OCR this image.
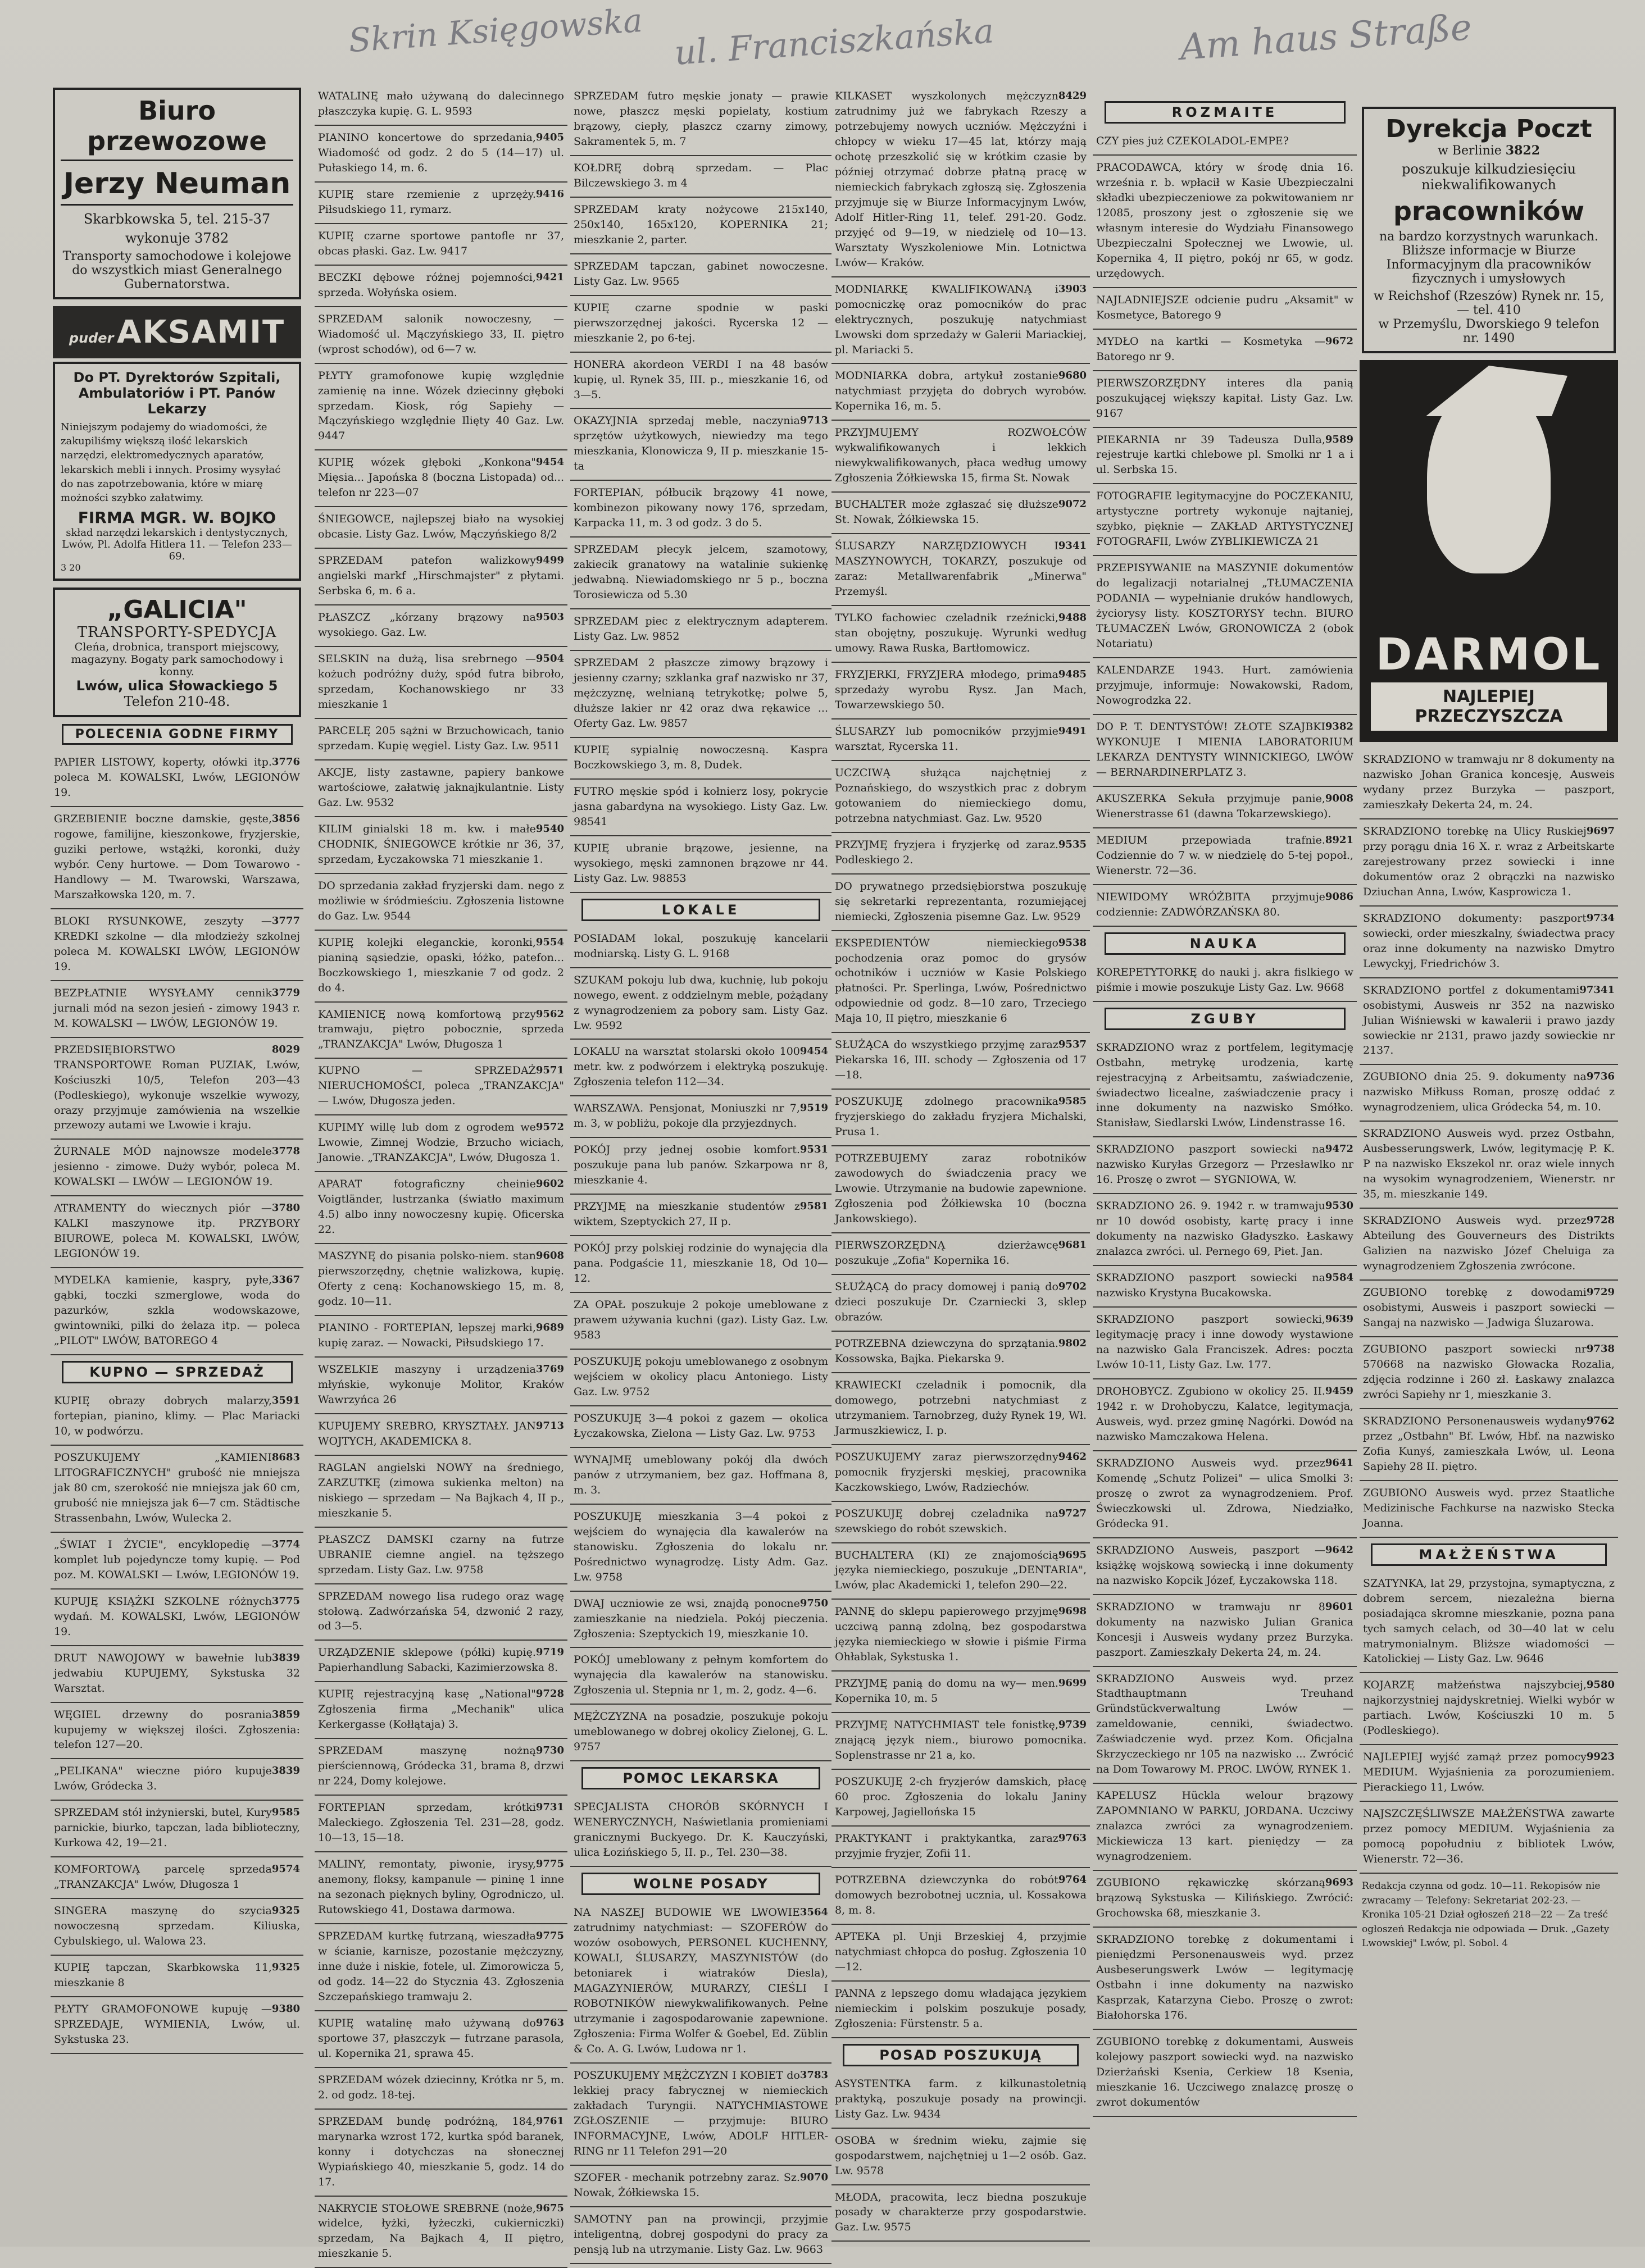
Skrin Księgowska ul. Franciszkańska	Am haus Straße
Biuro przewozowe
Jerzy Neuman
Skarbkowska 5, tel. 215-37
wykonuje 3782
Transporty samochodowe i kolejowe do wszystkich miast Generalnego Gubernatorstwa.
puder AKSAMIT
Do PT. Dyrektorów Szpitali, Ambulatoriów i PT. Panów Lekarzy
Niniejszym podajemy do wiadomości, że zakupiliśmy większą ilość lekarskich narzędzi, elektromedycznych aparatów, lekarskich mebli i innych. Prosimy wysyłać do nas zapotrzebowania, które w miarę możności szybko załatwimy.
FIRMA MGR. W. BOJKO
skład narzędzi lekarskich i dentystycznych, Lwów, Pl. Adolfa Hitlera 11. — Telefon 233—69.
3 20
„GALICIA"
TRANSPORTY-SPEDYCJA
Cleńa, drobnica, transport miejscowy, magazyny. Bogaty park samochodowy i konny.
Lwów, ulica Słowackiego 5
Telefon 210-48.
POLECENIA GODNE FIRMY
3776
PAPIER LISTOWY, koperty, ołówki itp. poleca M. KOWALSKI, Lwów, LEGIONÓW 19.
3856
GRZEBIENIE boczne damskie, gęste, rogowe, familijne, kieszonkowe, fryzjerskie, guziki perłowe, wstążki, koronki, duży wybór. Ceny hurtowe. — Dom Towarowo - Handlowy — M. Twarowski, Warszawa, Marszałkowska 120, m. 7.
3777
BLOKI RYSUNKOWE, zeszyty — KREDKI szkolne — dla młodzieży szkolnej poleca M. KOWALSKI LWÓW, LEGIONÓW 19.
3779
BEZPŁATNIE WYSYŁAMY cennik jurnali mód na sezon jesień - zimowy 1943 r. M. KOWALSKI — LWÓW, LEGIONÓW 19.
8029
PRZEDSIĘBIORSTWO TRANSPORTOWE Roman PUZIAK, Lwów, Kościuszki 10/5, Telefon 203—43 (Podleskiego), wykonuje wszelkie wywozy, orazy przyjmuje zamówienia na wszelkie przewozy autami we Lwowie i kraju.
3778
ŻURNALE MÓD najnowsze modele jesienno - zimowe. Duży wybór, poleca M. KOWALSKI — LWÓW — LEGIONÓW 19.
3780
ATRAMENTY do wiecznych piór — KALKI maszynowe itp. PRZYBORY BIUROWE, poleca M. KOWALSKI, LWÓW, LEGIONÓW 19.
3367
MYDELKA kamienie, kaspry, pyłe, gąbki, toczki szmerglowe, woda do pazurków, szkla wodowskazowe, gwintowniki, pilki do żelaza itp. — poleca „PILOT" LWÓW, BATOREGO 4
KUPNO — SPRZEDAŻ
3591
KUPIĘ obrazy dobrych malarzy, fortepian, pianino, klimy. — Plac Mariacki 10, w podwórzu.
8683
POSZUKUJEMY „KAMIENI LITOGRAFICZNYCH" grubość nie mniejsza jak 80 cm, szerokość nie mniejsza jak 60 cm, grubość nie mniejsza jak 6—7 cm. Städtische Strassenbahn, Lwów, Wulecka 2.
3774
„ŚWIAT I ŻYCIE", encyklopedię — komplet lub pojedyncze tomy kupię. — Pod poz. M. KOWALSKI — Lwów, LEGIONÓW 19.
3775
KUPUJĘ KSIĄŻKI SZKOLNE różnych wydań. M. KOWALSKI, Lwów, LEGIONÓW 19.
3839
DRUT NAWOJOWY w bawełnie lub jedwabiu KUPUJEMY, Sykstuska 32 Warsztat.
3859
WĘGIEL drzewny do posrania kupujemy w większej ilości. Zgłoszenia: telefon 127—20.
3839
„PELIKANA" wieczne pióro kupuje Lwów, Gródecka 3.
9585
SPRZEDAM stół inżynierski, butel, Kury parnickie, biurko, tapczan, lada biblioteczny, Kurkowa 42, 19—21.
9574
KOMFORTOWĄ parcelę sprzeda „TRANZAKCJA" Lwów, Długosza 1
9325
SINGERA maszynę do szycia nowoczesną sprzedam. Kiliuska, Cybulskiego, ul. Walowa 23.
9325
KUPIĘ tapczan, Skarbkowska 11, mieszkanie 8
9380
PŁYTY GRAMOFONOWE kupuję — SPRZEDAJE, WYMIENIA, Lwów, ul. Sykstuska 23.
WATALINĘ mało używaną do dalecinnego płaszczyka kupię. G. L. 9593
9405
PIANINO koncertowe do sprzedania, Wiadomość od godz. 2 do 5 (14—17) ul. Pułaskiego 14, m. 6.
9416
KUPIĘ stare rzemienie z uprzęży. Piłsudskiego 11, rymarz.
KUPIĘ czarne sportowe pantofle nr 37, obcas płaski. Gaz. Lw. 9417
9421
BECZKI dębowe różnej pojemności, sprzeda. Wołyńska osiem.
SPRZEDAM salonik nowoczesny, — Wiadomość ul. Mączyńskiego 33, II. piętro (wprost schodów), od 6—7 w.
PŁYTY gramofonowe kupię względnie zamienię na inne. Wózek dziecinny głęboki sprzedam. Kiosk, róg Sapiehy — Mączyńskiego względnie Ilięty 40 Gaz. Lw. 9447
9454
KUPIĘ wózek głęboki „Konkona" Mięsia... Japońska 8 (boczna Listopada) od... telefon nr 223—07
ŚNIEGOWCE, najlepszej biało na wysokiej obcasie. Listy Gaz. Lwów, Mączyńskiego 8/2
9499
SPRZEDAM patefon walizkowy angielski markf „Hirschmajster" z płytami. Serbska 6, m. 6 a.
9503
PŁASZCZ „kórzany brązowy na wysokiego. Gaz. Lw.
9504
SELSKIN na dużą, lisa srebrnego — kożuch podróżny duży, spód futra bibroło, sprzedam, Kochanowskiego nr 33 mieszkanie 1
PARCELĘ 205 sążni w Brzuchowicach, tanio sprzedam. Kupię węgiel. Listy Gaz. Lw. 9511
AKCJE, listy zastawne, papiery bankowe wartościowe, załatwię jaknajkulantnie. Listy Gaz. Lw. 9532
9540
KILIM ginialski 18 m. kw. i małe CHODNIK, ŚNIEGOWCE krótkie nr 36, 37, sprzedam, Łyczakowska 71 mieszkanie 1.
DO sprzedania zakład fryzjerski dam. nego z możliwie w śródmieściu. Zgłoszenia listowne do Gaz. Lw. 9544
9554
KUPIĘ kolejki eleganckie, koronki, pianiną sąsiedzie, opaski, łóżko, patefon... Boczkowskiego 1, mieszkanie 7 od godz. 2 do 4.
9562
KAMIENICĘ nową komfortową przy tramwaju, piętro pobocznie, sprzeda „TRANZAKCJA" Lwów, Długosza 1
9571
KUPNO — SPRZEDAŻ NIERUCHOMOŚCI, poleca „TRANZAKCJA" — Lwów, Długosza jeden.
9572
KUPIMY willę lub dom z ogrodem we Lwowie, Zimnej Wodzie, Brzucho wiciach, Janowie. „TRANZAKCJA", Lwów, Długosza 1.
9602
APARAT fotograficzny cheinie Voigtländer, lustrzanka (światło maximum 4.5) albo inny nowoczesny kupię. Oficerska 22.
9608
MASZYNĘ do pisania polsko-niem. stan pierwszorzędny, chętnie walizkowa, kupię. Oferty z ceną: Kochanowskiego 15, m. 8, godz. 10—11.
9689
PIANINO - FORTEPIAN, lepszej marki, kupię zaraz. — Nowacki, Piłsudskiego 17.
3769
WSZELKIE maszyny i urządzenia młyńskie, wykonuje Molitor, Kraków Wawrzyńca 26
9713
KUPUJEMY SREBRO, KRYSZTAŁY. JAN WOJTYCH, AKADEMICKA 8.
RAGLAN angielski NOWY na średniego, ZARZUTKĘ (zimowa sukienka melton) na niskiego — sprzedam — Na Bajkach 4, II p., mieszkanie 5.
PŁASZCZ DAMSKI czarny na futrze UBRANIE ciemne angiel. na tęższego sprzedam. Listy Gaz. Lw. 9758
SPRZEDAM nowego lisa rudego oraz wagę stołową. Zadwórzańska 54, dzwonić 2 razy, od 3—5.
9719
URZĄDZENIE sklepowe (półki) kupię. Papierhandlung Sabacki, Kazimierzowska 8.
9728
KUPIĘ rejestracyjną kasę „National" Zgłoszenia firma „Mechanik" ulica Kerkergasse (Kołłątaja) 3.
9730
SPRZEDAM maszynę nożną pierściennową, Gródecka 31, brama 8, drzwi nr 224, Domy kolejowe.
9731
FORTEPIAN sprzedam, krótki Maleckiego. Zgłoszenia Tel. 231—28, godz. 10—13, 15—18.
9775
MALINY, remontaty, piwonie, irysy, anemony, floksy, kampanule — pininę 1 inne na sezonach pięknych byliny, Ogrodniczo, ul. Rutowskiego 41, Dostawa darmowa.
9775
SPRZEDAM kurtkę futrzaną, wieszadła w ścianie, karnisze, pozostanie mężczyzny, inne duże i niskie, fotele, ul. Zimorowicza 5, od godz. 14—22 do Stycznia 43. Zgłoszenia Szczepańskiego tramwaju 2.
9763
KUPIĘ watalinę mało używaną do sportowe 37, płaszczyk — futrzane parasola, ul. Kopernika 21, sprawa 45.
SPRZEDAM wózek dziecinny, Krótka nr 5, m. 2. od godz. 18-tej.
9761
SPRZEDAM bundę podróżną, 184, marynarka wzrost 172, kurtka spód baranek, konny i dotychczas na słonecznej Wypiańskiego 40, mieszkanie 5, godz. 14 do 17.
9675
NAKRYCIE STOŁOWE SREBRNE (noże, widelce, łyżki, łyżeczki, cukierniczki) sprzedam, Na Bajkach 4, II piętro, mieszkanie 5.
SPRZEDAM futro męskie jonaty — prawie nowe, płaszcz męski popielaty, kostium brązowy, ciepły, płaszcz czarny zimowy, Sakramentek 5, m. 7
KOŁDRĘ dobrą sprzedam. — Plac Bilczewskiego 3. m 4
SPRZEDAM kraty nożycowe 215x140, 250x140, 165x120, KOPERNIKA 21; mieszkanie 2, parter.
SPRZEDAM tapczan, gabinet nowoczesne. Listy Gaz. Lw. 9565
KUPIĘ czarne spodnie w paski pierwszorzędnej jakości. Rycerska 12 — mieszkanie 2, po 6-tej.
HONERA akordeon VERDI I na 48 basów kupię, ul. Rynek 35, III. p., mieszkanie 16, od 3—5.
9713
OKAZYJNIA sprzedaj meble, naczynia sprzętów użytkowych, niewiedzy ma tego mieszkania, Klonowicza 9, II p. mieszkanie 15-ta
FORTEPIAN, półbucik brązowy 41 nowe, kombinezon pikowany nowy 176, sprzedam, Karpacka 11, m. 3 od godz. 3 do 5.
SPRZEDAM płecyk jelcem, szamotowy, zakiecik granatowy na watalinie sukienkę jedwabną. Niewiadomskiego nr 5 p., boczna Torosiewicza od 5.30
SPRZEDAM piec z elektrycznym adapterem. Listy Gaz. Lw. 9852
SPRZEDAM 2 płaszcze zimowy brązowy i jesienny czarny; szklanka graf nazwisko nr 37, mężczyznę, welnianą tetrykotkę; polwe 5, dłuższe lakier nr 42 oraz dwa rękawice ... Oferty Gaz. Lw. 9857
KUPIĘ sypialnię nowoczesną. Kaspra Boczkowskiego 3, m. 8, Dudek.
FUTRO męskie spód i kołnierz losy, pokrycie jasna gabardyna na wysokiego. Listy Gaz. Lw. 98541
KUPIĘ ubranie brązowe, jesienne, na wysokiego, męski zamnonen brązowe nr 44. Listy Gaz. Lw. 98853
LOKALE
POSIADAM lokal, poszukuję kancelarii modniarską. Listy G. L. 9168
SZUKAM pokoju lub dwa, kuchnię, lub pokoju nowego, ewent. z oddzielnym meble, pożądany z wynagrodzeniem za pobory sam. Listy Gaz. Lw. 9592
9454
LOKALU na warsztat stolarski około 100 metr. kw. z podwórzem i elektryką poszukuję. Zgłoszenia telefon 112—34.
9519
WARSZAWA. Pensjonat, Moniuszki nr 7, m. 3, w pobliżu, pokoje dla przyjezdnych.
9531
POKÓJ przy jednej osobie komfort. poszukuje pana lub panów. Szkarpowa nr 8, mieszkanie 4.
9581
PRZYJMĘ na mieszkanie studentów z wiktem, Szeptyckich 27, II p.
POKÓJ przy polskiej rodzinie do wynajęcia dla pana. Podgaście 11, mieszkanie 18, Od 10—12.
ZA OPAŁ poszukuje 2 pokoje umeblowane z prawem używania kuchni (gaz). Listy Gaz. Lw. 9583
POSZUKUJĘ pokoju umeblowanego z osobnym wejściem w okolicy placu Antoniego. Listy Gaz. Lw. 9752
POSZUKUJĘ 3—4 pokoi z gazem — okolica Łyczakowska, Zielona — Listy Gaz. Lw. 9753
WYNAJMĘ umeblowany pokój dla dwóch panów z utrzymaniem, bez gaz. Hoffmana 8, m. 3.
POSZUKUJĘ mieszkania 3—4 pokoi z wejściem do wynajęcia dla kawalerów na stanowisku. Zgłoszenia do lokalu nr. Pośrednictwo wynagrodzę. Listy Adm. Gaz. Lw. 9758
9750
DWAJ uczniowie ze wsi, znajdą ponocne zamieszkanie na niedziela. Pokój pieczenia. Zgłoszenia: Szeptyckich 19, mieszkanie 10.
POKÓJ umeblowany z pełnym komfortem do wynajęcia dla kawalerów na stanowisku. Zgłoszenia ul. Stepnia nr 1, m. 2, godz. 4—6.
MĘŻCZYZNA na posadzie, poszukuje pokoju umeblowanego w dobrej okolicy Zielonej, G. L. 9757
POMOC LEKARSKA
SPECJALISTA CHORÓB SKÓRNYCH I WENERYCZNYCH, Naświetlania promieniami granicznymi Buckyego. Dr. K. Kauczyński, ulica Łozińskiego 5, II. p., Tel. 230—38.
WOLNE POSADY
3564
NA NASZEJ BUDOWIE WE LWOWIE zatrudnimy natychmiast: — SZOFERÓW do wozów osobowych, PERSONEL KUCHENNY, KOWALI, ŚLUSARZY, MASZYNISTÓW (do betoniarek i wiatraków Diesla), MAGAZYNIERÓW, MURARZY, CIEŚLI I ROBOTNIKÓW niewykwalifikowanych. Pełne utrzymanie i zagospodarowanie zapewnione. Zgłoszenia: Firma Wolfer & Goebel, Ed. Züblin & Co. A. G. Lwów, Ludowa nr 1.
3783
POSZUKUJEMY MĘŻCZYZN I KOBIET do lekkiej pracy fabrycznej w niemieckich zakładach Turyngii. NATYCHMIASTOWE ZGŁOSZENIE — przyjmuje: BIURO INFORMACYJNE, Lwów, ADOLF HITLER-RING nr 11 Telefon 291—20
9070
SZOFER - mechanik potrzebny zaraz. Sz. Nowak, Żółkiewska 15.
SAMOTNY pan na prowincji, przyjmie inteligentną, dobrej gospodyni do pracy za pensją lub na utrzymanie. Listy Gaz. Lw. 9663
8429
KILKASET wyszkolonych mężczyzn zatrudnimy już we fabrykach Rzeszy a potrzebujemy nowych uczniów. Mężczyźni i chłopcy w wieku 17—45 lat, którzy mają ochotę przeszkolić się w krótkim czasie by później otrzymać dobrze płatną pracę w niemieckich fabrykach zgłoszą się. Zgłoszenia przyjmuje się w Biurze Informacyjnym Lwów, Adolf Hitler-Ring 11, telef. 291-20. Godz. przyjęć od 9—19, w niedzielę od 10—13. Warsztaty Wyszkoleniowe Min. Lotnictwa Lwów— Kraków.
3903
MODNIARKĘ KWALIFIKOWANĄ i pomocniczkę oraz pomocników do prac elektrycznych, poszukuję natychmiast Lwowski dom sprzedaży w Galerii Mariackiej, pl. Mariacki 5.
9680
MODNIARKA dobra, artykuł zostanie natychmiast przyjęta do dobrych wyrobów. Kopernika 16, m. 5.
PRZYJMUJEMY ROZWOŁCÓW wykwalifikowanych i lekkich niewykwalifikowanych, płaca według umowy Zgłoszenia Żółkiewska 15, firma St. Nowak
9072
BUCHALTER może zgłaszać się dłuższe St. Nowak, Żółkiewska 15.
9341
ŚLUSARZY NARZĘDZIOWYCH I MASZYNOWYCH, TOKARZY, poszukuje od zaraz: Metallwarenfabrik „Minerwa" Przemyśl.
9488
TYLKO fachowiec czeladnik rzeźnicki, stan obojętny, poszukuję. Wyrunki według umowy. Rawa Ruska, Bartłomowicz.
9485
FRYZJERKI, FRYZJERA młodego, prima sprzedaży wyrobu Rysz. Jan Mach, Towarzewskiego 50.
9491
ŚLUSARZY lub pomocników przyjmie warsztat, Rycerska 11.
UCZCIWĄ służąca najchętniej z Poznańskiego, do wszystkich prac z dobrym gotowaniem do niemieckiego domu, potrzebna natychmiast. Gaz. Lw. 9520
9535
PRZYJMĘ fryzjera i fryzjerkę od zaraz. Podleskiego 2.
DO prywatnego przedsiębiorstwa poszukuję się sekretarki reprezentanta, rozumiejącej niemiecki, Zgłoszenia pisemne Gaz. Lw. 9529
9538
EKSPEDIENTÓW niemieckiego pochodzenia oraz pomoc do grysów ochotników i uczniów w Kasie Polskiego płatności. Pr. Sperlinga, Lwów, Pośrednictwo odpowiednie od godz. 8—10 zaro, Trzeciego Maja 10, II piętro, mieszkanie 6
9537
SŁUŻĄCA do wszystkiego przyjmę zaraz Piekarska 16, III. schody — Zgłoszenia od 17—18.
9585
POSZUKUJĘ zdolnego pracownika fryzjerskiego do zakładu fryzjera Michalski, Prusa 1.
POTRZEBUJEMY zaraz robotników zawodowych do świadczenia pracy we Lwowie. Utrzymanie na budowie zapewnione. Zgłoszenia pod Żółkiewska 10 (boczna Jankowskiego).
9681
PIERWSZORZĘDNĄ dzierżawcę poszukuje „Zofia" Kopernika 16.
9702
SŁUŻĄCĄ do pracy domowej i panią do dzieci poszukuje Dr. Czarniecki 3, sklep obrazów.
9802
POTRZEBNA dziewczyna do sprzątania. Kossowska, Bajka. Piekarska 9.
KRAWIECKI czeladnik i pomocnik, dla domowego, potrzebni natychmiast z utrzymaniem. Tarnobrzeg, duży Rynek 19, Wł. Jarmuszkiewicz, I. p.
9462
POSZUKUJEMY zaraz pierwszorzędny pomocnik fryzjerski męskiej, pracownika Kaczkowskiego, Lwów, Radziechów.
9727
POSZUKUJĘ dobrej czeladnika na szewskiego do robót szewskich.
9695
BUCHALTERA (KI) ze znajomością języka niemieckiego, poszukuje „DENTARIA", Lwów, plac Akademicki 1, telefon 290—22.
9698
PANNĘ do sklepu papierowego przyjmę uczciwą panną zdolną, bez gospodarstwa języka niemieckiego w słowie i piśmie Firma Ohłablak, Sykstuska 1.
9699
PRZYJMĘ panią do domu na wy— men. Kopernika 10, m. 5
9739
PRZYJMĘ NATYCHMIAST tele fonistkę, znającą język niem., biurowo pomocnika. Soplenstrasse nr 21 a, ko.
POSZUKUJĘ 2-ch fryzjerów damskich, płacę 60 proc. Zgłoszenia do lokalu Janiny Karpowej, Jagiellońska 15
9763
PRAKTYKANT i praktykantka, zaraz przyjmie fryzjer, Zofii 11.
9764
POTRZEBNA dziewczynka do robót domowych bezrobotnej ucznia, ul. Kossakowa 8, m. 8.
APTEKA pl. Unji Brzeskiej 4, przyjmie natychmiast chłopca do posług. Zgłoszenia 10—12.
PANNA z lepszego domu władająca językiem niemieckim i polskim poszukuje posady, Zgłoszenia: Fürstenstr. 5 a.
POSAD POSZUKUJĄ
ASYSTENTKA farm. z kilkunastoletnią praktyką, poszukuje posady na prowincji. Listy Gaz. Lw. 9434
OSOBA w średnim wieku, zajmie się gospodarstwem, najchętniej u 1—2 osób. Gaz. Lw. 9578
MŁODA, pracowita, lecz biedna poszukuje posady w charakterze przy gospodarstwie. Gaz. Lw. 9575
ROZMAITE
CZY pies już CZEKOLADOL-EMPE?
PRACODAWCA, który w środę dnia 16. września r. b. wpłacił w Kasie Ubezpieczalni składki ubezpieczeniowe za pokwitowaniem nr 12085, proszony jest o zgłoszenie się we własnym interesie do Wydziału Finansowego Ubezpieczalni Społecznej we Lwowie, ul. Kopernika 4, II piętro, pokój nr 65, w godz. urzędowych.
NAJLADNIEJSZE odcienie pudru „Aksamit" w Kosmetyce, Batorego 9
9672
MYDŁO na kartki — Kosmetyka — Batorego nr 9.
PIERWSZORZĘDNY interes dla panią poszukującej większy kapitał. Listy Gaz. Lw. 9167
9589
PIEKARNIA nr 39 Tadeusza Dulla, rejestruje kartki chlebowe pl. Smolki nr 1 a i ul. Serbska 15.
FOTOGRAFIE legitymacyjne do POCZEKANIU, artystyczne portrety wykonuje najtaniej, szybko, pięknie — ZAKŁAD ARTYSTYCZNEJ FOTOGRAFII, Lwów ZYBLIKIEWICZA 21
PRZEPISYWANIE na MASZYNIE dokumentów do legalizacji notarialnej „TŁUMACZENIA PODANIA — wypełnianie druków handlowych, życiorysy listy. KOSZTORYSY techn. BIURO TŁUMACZEŃ Lwów, GRONOWICZA 2 (obok Notariatu)
KALENDARZE 1943. Hurt. zamówienia przyjmuje, informuje: Nowakowski, Radom, Nowogrodzka 22.
9382
DO P. T. DENTYSTÓW! ZŁOTE SZAJBKI WYKONUJE I MIENIA LABORATORIUM LEKARZA DENTYSTY WINNICKIEGO, LWÓW — BERNARDINERPLATZ 3.
9008
AKUSZERKA Sekuła przyjmuje panie, Wienerstrasse 61 (dawna Tokarzewskiego).
8921
MEDIUM przepowiada trafnie. Codziennie do 7 w. w niedzielę do 5-tej popoł., Wienerstr. 72—36.
9086
NIEWIDOMY WRÓŻBITA przyjmuje codziennie: ZADWÓRZAŃSKA 80.
NAUKA
KOREPETYTORKĘ do nauki j. akra fislkiego w piśmie i mowie poszukuje Listy Gaz. Lw. 9668
ZGUBY
SKRADZIONO wraz z portfelem, legitymację Ostbahn, metrykę urodzenia, kartę rejestracyjną z Arbeitsamtu, zaświadczenie, świadectwo licealne, zaświadczenie pracy i inne dokumenty na nazwisko Smółko. Stanisław, Siedlarski Lwów, Lindenstrasse 16.
9472
SKRADZIONO paszport sowiecki na nazwisko Kuryłas Grzegorz — Przesławlko nr 16. Proszę o zwrot — SYGNIOWA, W.
9530
SKRADZIONO 26. 9. 1942 r. w tramwaju nr 10 dowód osobisty, kartę pracy i inne dokumenty na nazwisko Gładyszko. Łaskawy znalazca zwróci. ul. Pernego 69, Piet. Jan.
9584
SKRADZIONO paszport sowiecki na nazwisko Krystyna Bucakowska.
9639
SKRADZIONO paszport sowiecki, legitymację pracy i inne dowody wystawione na nazwisko Gala Franciszek. Adres: poczta Lwów 10-11, Listy Gaz. Lw. 177.
9459
DROHOBYCZ. Zgubiono w okolicy 25. II. 1942 r. w Drohobyczu, Kalatce, legitymacja, Ausweis, wyd. przez gminę Nagórki. Dowód na nazwisko Mamczakowa Helena.
9641
SKRADZIONO Ausweis wyd. przez Komendę „Schutz Polizei" — ulica Smolki 3: proszę o zwrot za wynagrodzeniem. Prof. Świeczkowski ul. Zdrowa, Niedziałko, Gródecka 91.
9642
SKRADZIONO Ausweis, paszport — książkę wojskową sowiecką i inne dokumenty na nazwisko Kopcik Józef, Łyczakowska 118.
9601
SKRADZIONO w tramwaju nr 8 dokumenty na nazwisko Julian Granica Koncesji i Ausweis wydany przez Burzyka. paszport. Zamieszkały Dekerta 24, m. 24.
SKRADZIONO Ausweis wyd. przez Stadthauptmann Treuhand Gründstückverwaltung Lwów — zameldowanie, cenniki, świadectwo. Zaświadczenie wyd. przez Kom. Oficjalna Skrzyczeckiego nr 105 na nazwisko ... Zwrócić na Dom Towarowy M. PROC. LWÓW, RYNEK 1.
KAPELUSZ Hückla welour brązowy ZAPOMNIANO W PARKU, JORDANA. Uczciwy znalazca zwróci za wynagrodzeniem. Mickiewicza 13 kart. pieniędzy — za wynagrodzeniem.
9693
ZGUBIONO rękawiczkę skórzaną brązową Sykstuska — Kilińskiego. Zwrócić: Grochowska 68, mieszkanie 3.
SKRADZIONO torebkę z dokumentami i pieniędzmi Personenausweis wyd. przez Ausbeserungswerk Lwów — legitymację Ostbahn i inne dokumenty na nazwisko Kasprzak, Katarzyna Ciebo. Proszę o zwrot: Białohorska 176.
ZGUBIONO torebkę z dokumentami, Ausweis kolejowy paszport sowiecki wyd. na nazwisko Dzierżański Ksenia, Cerkiew 18 Ksenia, mieszkanie 16. Uczciwego znalazcę proszę o zwrot dokumentów
Dyrekcja Poczt
w Berlinie 3822
poszukuje kilkudziesięciu niekwalifikowanych
pracowników
na bardzo korzystnych warunkach. Bliższe informacje w Biurze Informacyjnym dla pracowników fizycznych i umysłowych
w Reichshof (Rzeszów) Rynek nr. 15, — tel. 410
w Przemyślu, Dworskiego 9 telefon nr. 1490
DARMOL
NAJLEPIEJ PRZECZYSZCZA
SKRADZIONO w tramwaju nr 8 dokumenty na nazwisko Johan Granica koncesję, Ausweis wydany przez Burzyka — paszport, zamieszkały Dekerta 24, m. 24.
9697
SKRADZIONO torebkę na Ulicy Ruskiej przy porągu dnia 16 X. r. wraz z Arbeitskarte zarejestrowany przez sowiecki i inne dokumentów oraz 2 obrączki na nazwisko Dziuchan Anna, Lwów, Kasprowicza 1.
9734
SKRADZIONO dokumenty: paszport sowiecki, order mieszkalny, świadectwa pracy oraz inne dokumenty na nazwisko Dmytro Lewyckyj, Friedrichów 3.
97341
SKRADZIONO portfel z dokumentami osobistymi, Ausweis nr 352 na nazwisko Julian Wiśniewski w kawalerii i prawo jazdy sowieckie nr 2131, prawo jazdy sowieckie nr 2137.
9736
ZGUBIONO dnia 25. 9. dokumenty na nazwisko Miłkuss Roman, proszę oddać z wynagrodzeniem, ulica Gródecka 54, m. 10.
SKRADZIONO Ausweis wyd. przez Ostbahn, Ausbesserungswerk, Lwów, legitymację P. K. P na nazwisko Ekszekol nr. oraz wiele innych na wysokim wynagrodzeniem, Wienerstr. nr 35, m. mieszkanie 149.
9728
SKRADZIONO Ausweis wyd. przez Abteilung des Gouverneurs des Distrikts Galizien na nazwisko Józef Cheluiga za wynagrodzeniem Zgłoszenia zwrócone.
9729
ZGUBIONO torebkę z dowodami osobistymi, Ausweis i paszport sowiecki — Sangaj na nazwisko — Jadwiga Śluzarowa.
9738
ZGUBIONO paszport sowiecki nr 570668 na nazwisko Głowacka Rozalia, zdjęcia rodzinne i 260 zł. Łaskawy znalazca zwróci Sapiehy nr 1, mieszkanie 3.
9762
SKRADZIONO Personenausweis wydany przez „Ostbahn" Bf. Lwów, Hbf. na nazwisko Zofia Kunyś, zamieszkała Lwów, ul. Leona Sapiehy 28 II. piętro.
ZGUBIONO Ausweis wyd. przez Staatliche Medizinische Fachkurse na nazwisko Stecka Joanna.
MAŁŻEŃSTWA
SZATYNKA, lat 29, przystojna, symaptyczna, z dobrem sercem, niezależna bierna posiadająca skromne mieszkanie, pozna pana tych samych celach, od 30—40 lat w celu matrymonialnym. Bliższe wiadomości — Katolickiej — Listy Gaz. Lw. 9646
9580
KOJARZĘ małżeństwa najszybciej, najkorzystniej najdyskretniej. Wielki wybór w partiach. Lwów, Kościuszki 10 m. 5 (Podleskiego).
9923
NAJLEPIEJ wyjść zamąż przez pomocy MEDIUM. Wyjaśnienia za porozumieniem. Pierackiego 11, Lwów.
NAJSZCZĘŚLIWSZE MAŁŻEŃSTWA zawarte przez pomocy MEDIUM. Wyjaśnienia za pomocą popołudniu z bibliotek Lwów, Wienerstr. 72—36.
Redakcja czynna od godz. 10—11. Rekopisów nie zwracamy — Telefony: Sekretariat 202-23. — Kronika 105-21 Dział ogłoszeń 218—22 — Za treść ogłoszeń Redakcja nie odpowiada — Druk. „Gazety Lwowskiej" Lwów, pl. Sobol. 4
